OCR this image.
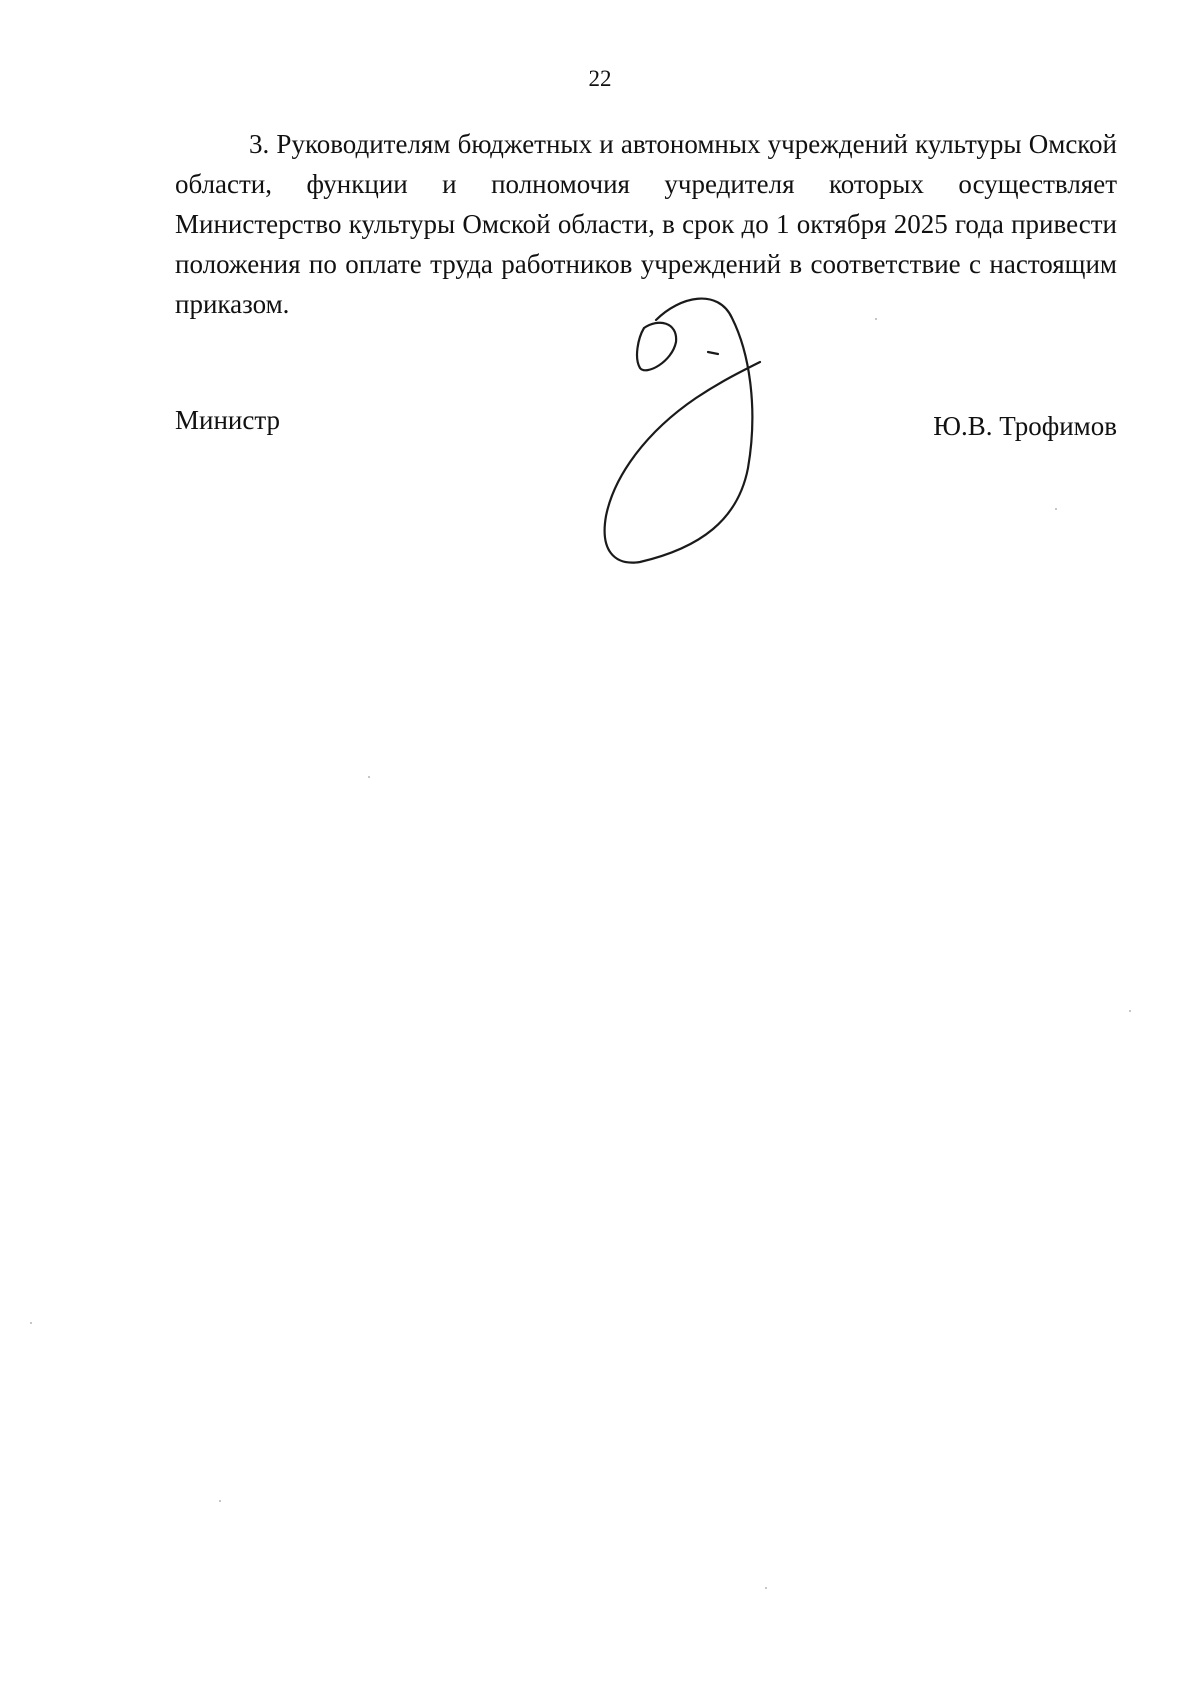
22

3. Руководителям бюджетных и автономных учреждений культуры Омской области, функции и полномочия учредителя которых осуществляет Министерство культуры Омской области, в срок до 1 октября 2025 года привести положения по оплате труда работников учреждений в соответствие с настоящим приказом.

Министр	Ю.В. Трофимов
